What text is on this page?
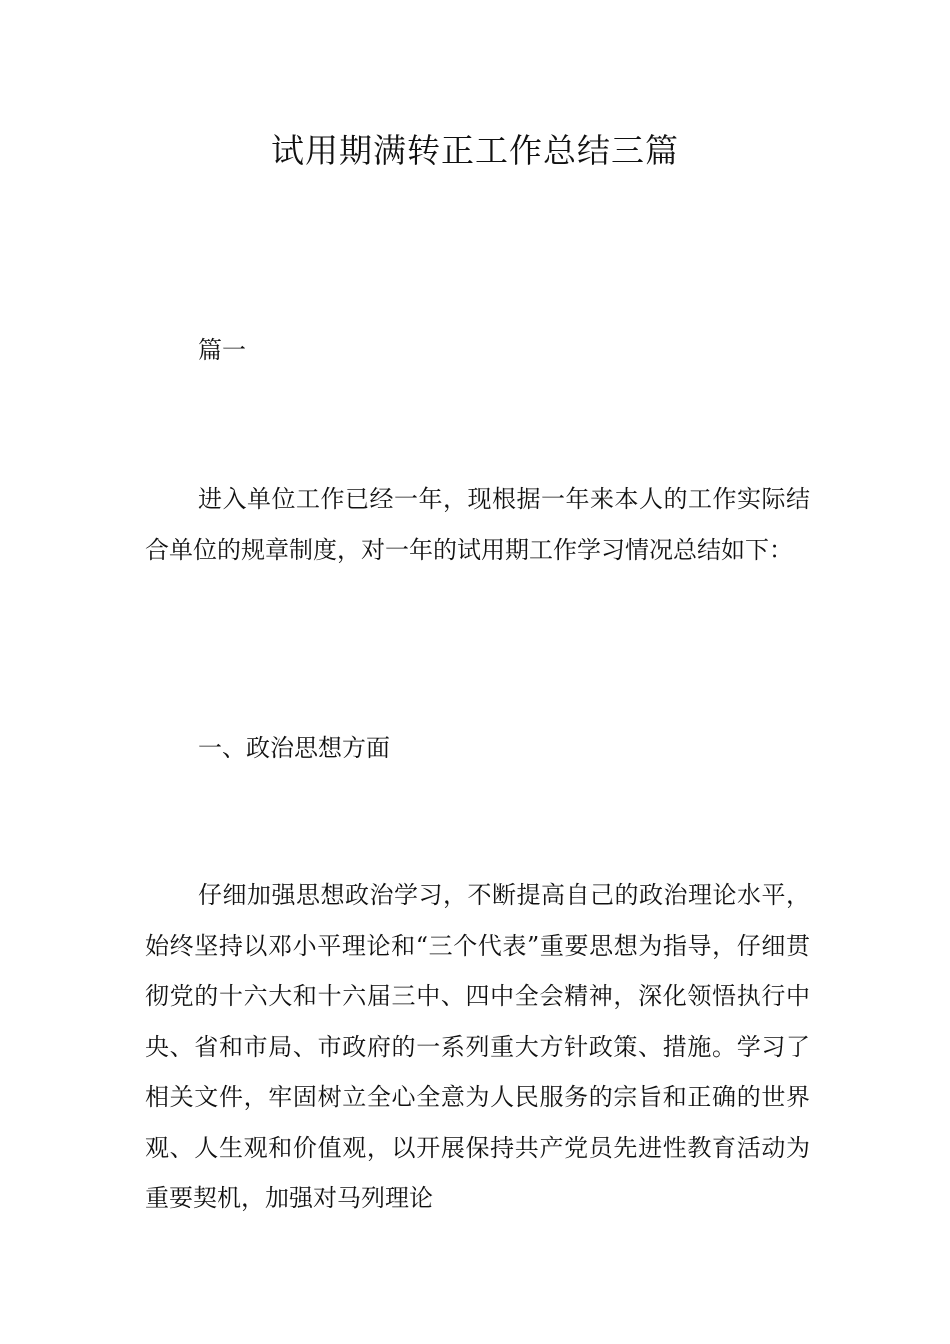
试用期满转正工作总结三篇
篇一

进入单位工作已经一年，现根据一年来本人的工作实际结合单位的规章制度，对一年的试用期工作学习情况总结如下：

一、政治思想方面

仔细加强思想政治学习，不断提高自己的政治理论水平，始终坚持以邓小平理论和“三个代表”重要思想为指导，仔细贯彻党的十六大和十六届三中、四中全会精神，深化领悟执行中央、省和市局、市政府的一系列重大方针政策、措施。学习了相关文件，牢固树立全心全意为人民服务的宗旨和正确的世界观、人生观和价值观，以开展保持共产党员先进性教育活动为重要契机，加强对马列理论
